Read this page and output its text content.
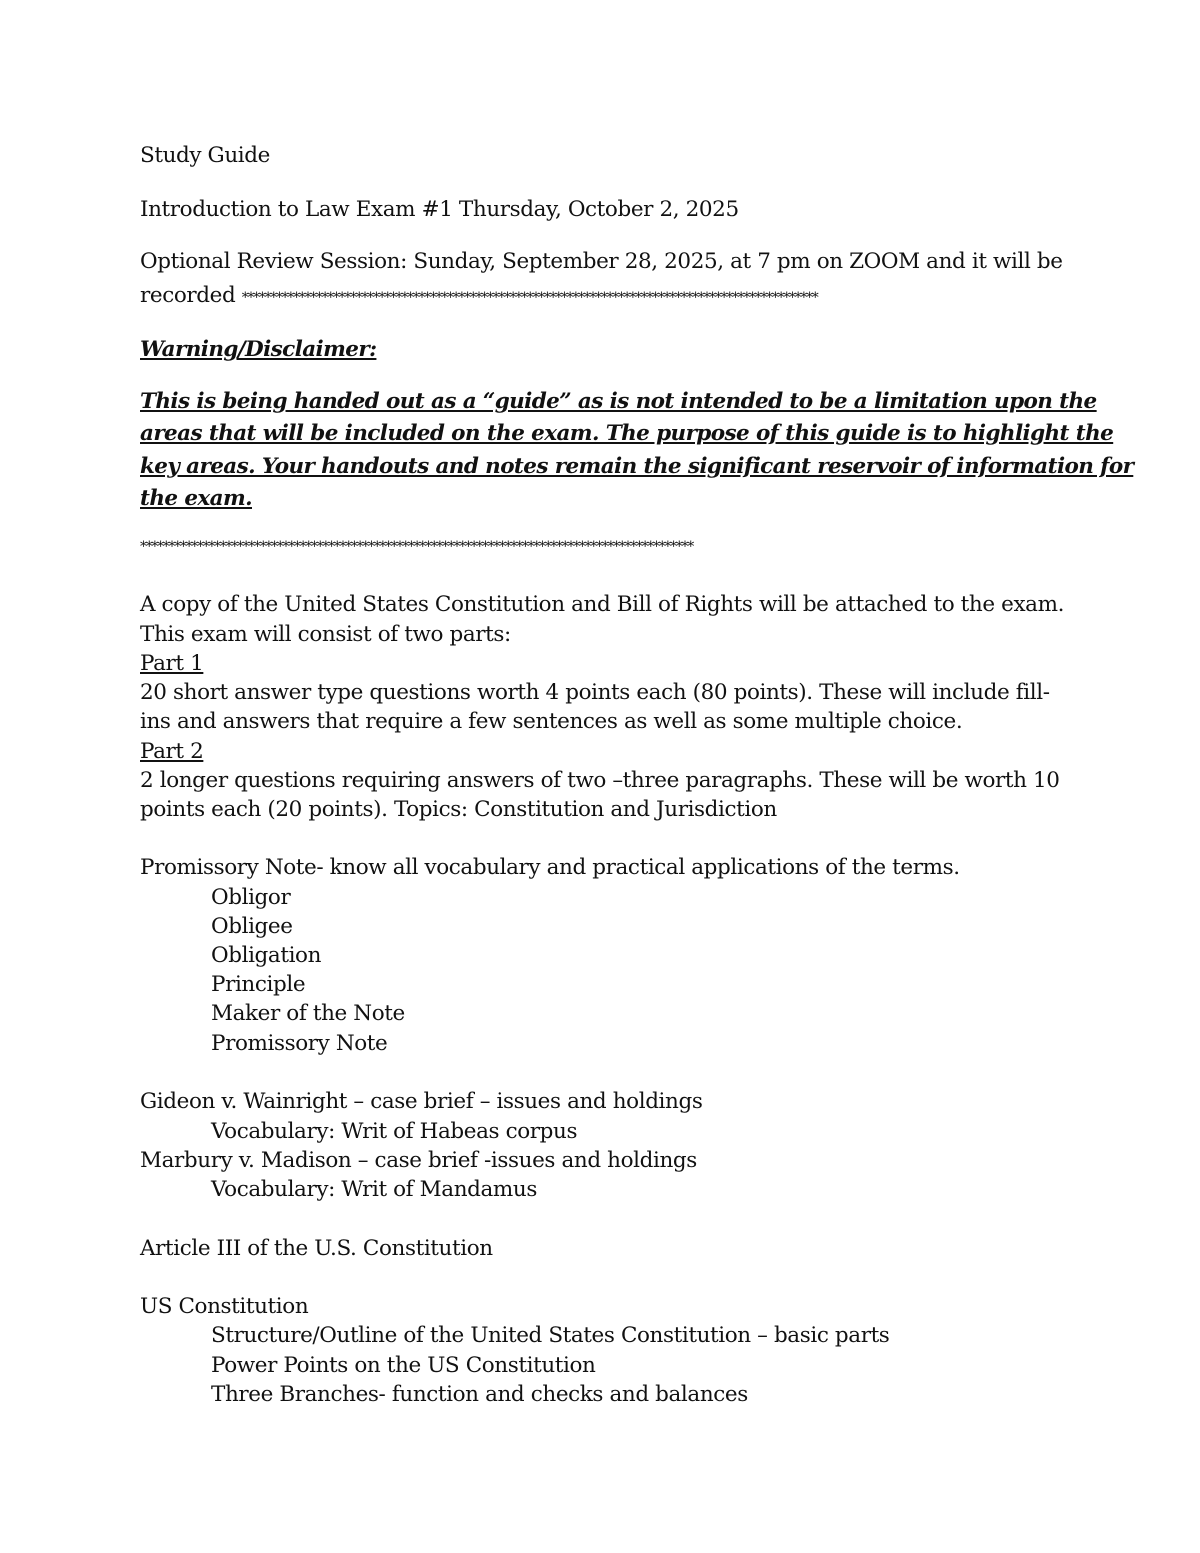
Study Guide
Introduction to Law Exam #1 Thursday, October 2, 2025
Optional Review Session: Sunday, September 28, 2025, at 7 pm on ZOOM and it will be
recorded *****************************************************************************************************
Warning/Disclaimer:
This is being handed out as a “guide” as is not intended to be a limitation upon the
areas that will be included on the exam. The purpose of this guide is to highlight the
key areas. Your handouts and notes remain the significant reservoir of information for
the exam.
*************************************************************************************************
A copy of the United States Constitution and Bill of Rights will be attached to the exam.
This exam will consist of two parts:
Part 1
20 short answer type questions worth 4 points each (80 points). These will include fill-
ins and answers that require a few sentences as well as some multiple choice.
Part 2
2 longer questions requiring answers of two –three paragraphs. These will be worth 10
points each (20 points). Topics: Constitution and Jurisdiction
Promissory Note- know all vocabulary and practical applications of the terms.
Obligor
Obligee
Obligation
Principle
Maker of the Note
Promissory Note
Gideon v. Wainright – case brief – issues and holdings
Vocabulary: Writ of Habeas corpus
Marbury v. Madison – case brief -issues and holdings
Vocabulary: Writ of Mandamus
Article III of the U.S. Constitution
US Constitution
Structure/Outline of the United States Constitution – basic parts
Power Points on the US Constitution
Three Branches- function and checks and balances
